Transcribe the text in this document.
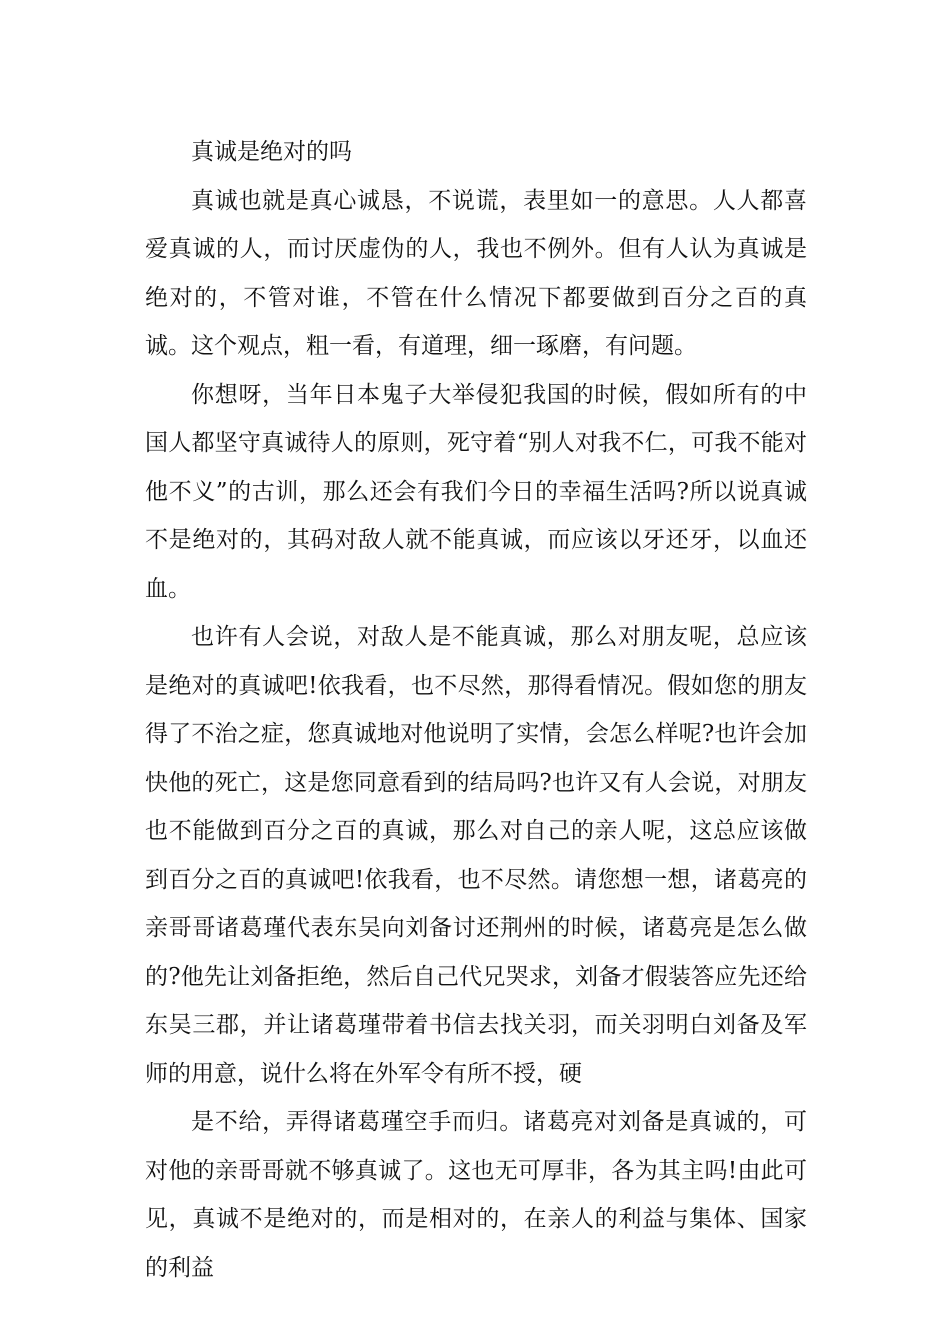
真诚是绝对的吗

真诚也就是真心诚恳，不说谎，表里如一的意思。人人都喜爱真诚的人，而讨厌虚伪的人，我也不例外。但有人认为真诚是绝对的，不管对谁，不管在什么情况下都要做到百分之百的真诚。这个观点，粗一看，有道理，细一琢磨，有问题。

你想呀，当年日本鬼子大举侵犯我国的时候，假如所有的中国人都坚守真诚待人的原则，死守着“别人对我不仁，可我不能对他不义”的古训，那么还会有我们今日的幸福生活吗?所以说真诚不是绝对的，其码对敌人就不能真诚，而应该以牙还牙，以血还血。

也许有人会说，对敌人是不能真诚，那么对朋友呢，总应该是绝对的真诚吧!依我看，也不尽然，那得看情况。假如您的朋友得了不治之症，您真诚地对他说明了实情，会怎么样呢?也许会加快他的死亡，这是您同意看到的结局吗?也许又有人会说，对朋友也不能做到百分之百的真诚，那么对自己的亲人呢，这总应该做到百分之百的真诚吧!依我看，也不尽然。请您想一想，诸葛亮的亲哥哥诸葛瑾代表东吴向刘备讨还荆州的时候，诸葛亮是怎么做的?他先让刘备拒绝，然后自己代兄哭求，刘备才假装答应先还给东吴三郡，并让诸葛瑾带着书信去找关羽，而关羽明白刘备及军师的用意，说什么将在外军令有所不授，硬

是不给，弄得诸葛瑾空手而归。诸葛亮对刘备是真诚的，可对他的亲哥哥就不够真诚了。这也无可厚非，各为其主吗!由此可见，真诚不是绝对的，而是相对的，在亲人的利益与集体、国家的利益
